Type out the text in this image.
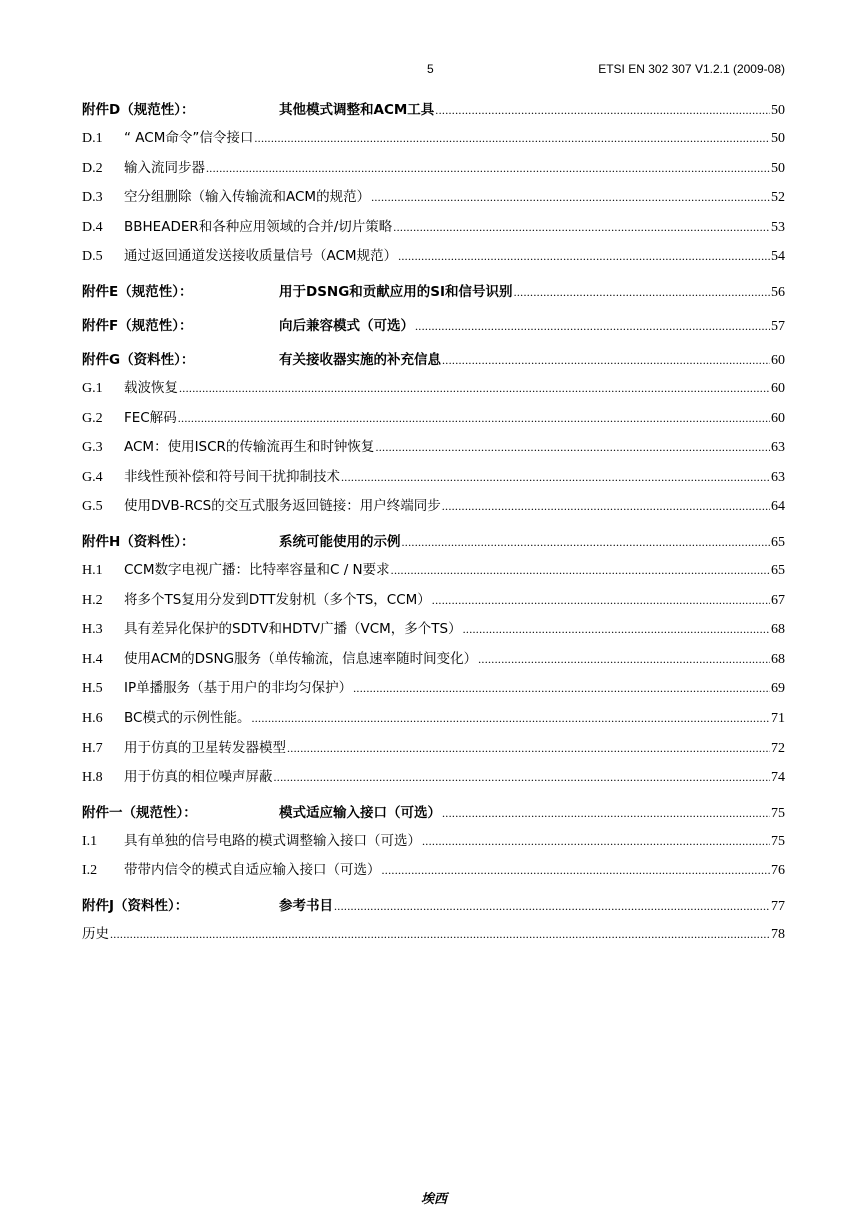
5	ETSI EN 302 307 V1.2.1 (2009-08)
附件D（规范性）：	其他模式调整和ACM工具 .....	50
D.1	“ ACM命令”信令接口 .....	50
D.2	输入流同步器 .....	50
D.3	空分组删除（输入传输流和ACM的规范） .....	52
D.4	BBHEADER和各种应用领域的合并/切片策略 .....	53
D.5	通过返回通道发送接收质量信号（ACM规范） .....	54
附件E（规范性）：	用于DSNG和贡献应用的SI和信号识别 .....	56
附件F（规范性）：	向后兼容模式（可选） .....	57
附件G（资料性）：	有关接收器实施的补充信息 .....	60
G.1	载波恢复 .....	60
G.2	FEC解码 .....	60
G.3	ACM：使用ISCR的传输流再生和时钟恢复 .....	63
G.4	非线性预补偿和符号间干扰抑制技术 .....	63
G.5	使用DVB-RCS的交互式服务返回链接：用户终端同步 .....	64
附件H（资料性）：	系统可能使用的示例 .....	65
H.1	CCM数字电视广播：比特率容量和C / N要求 .....	65
H.2	将多个TS复用分发到DTT发射机（多个TS，CCM） .....	67
H.3	具有差异化保护的SDTV和HDTV广播（VCM，多个TS） .....	68
H.4	使用ACM的DSNG服务（单传输流，信息速率随时间变化） .....	68
H.5	IP单播服务（基于用户的非均匀保护） .....	69
H.6	BC模式的示例性能。 .....	71
H.7	用于仿真的卫星转发器模型 .....	72
H.8	用于仿真的相位噪声屏蔽 .....	74
附件一（规范性）：	模式适应输入接口（可选） .....	75
I.1	具有单独的信号电路的模式调整输入接口（可选） .....	75
I.2	带带内信令的模式自适应输入接口（可选） .....	76
附件J（资料性）：	参考书目 .....	77
历史 .....	78
埃西
